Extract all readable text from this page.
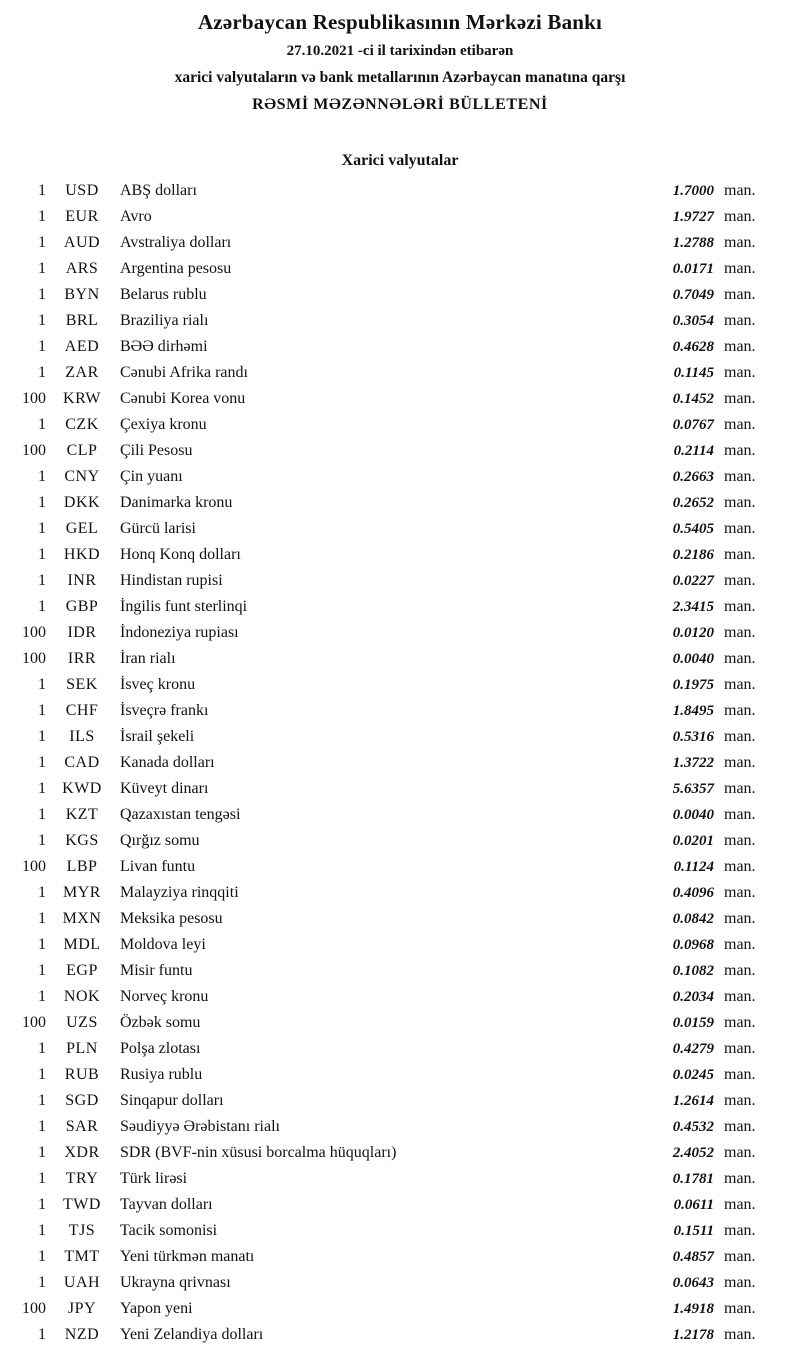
Azərbaycan Respublikasının Mərkəzi Bankı
27.10.2021 -ci il tarixindən etibarən
xarici valyutaların və bank metallarının Azərbaycan manatına qarşı
RƏSMİ MƏZƏNNƏLƏRİ BÜLLETENİ
Xarici valyutalar
1	USD	ABŞ dolları	1.7000 man.
1	EUR	Avro	1.9727 man.
1	AUD	Avstraliya dolları	1.2788 man.
1	ARS	Argentina pesosu	0.0171 man.
1	BYN	Belarus rublu	0.7049 man.
1	BRL	Braziliya rialı	0.3054 man.
1	AED	BƏƏ dirhəmi	0.4628 man.
1	ZAR	Cənubi Afrika randı	0.1145 man.
100	KRW	Cənubi Korea vonu	0.1452 man.
1	CZK	Çexiya kronu	0.0767 man.
100	CLP	Çili Pesosu	0.2114 man.
1	CNY	Çin yuanı	0.2663 man.
1	DKK	Danimarka kronu	0.2652 man.
1	GEL	Gürcü larisi	0.5405 man.
1	HKD	Honq Konq dolları	0.2186 man.
1	INR	Hindistan rupisi	0.0227 man.
1	GBP	İngilis funt sterlinqi	2.3415 man.
100	IDR	İndoneziya rupiası	0.0120 man.
100	IRR	İran rialı	0.0040 man.
1	SEK	İsveç kronu	0.1975 man.
1	CHF	İsveçrə frankı	1.8495 man.
1	ILS	İsrail şekeli	0.5316 man.
1	CAD	Kanada dolları	1.3722 man.
1	KWD	Küveyt dinarı	5.6357 man.
1	KZT	Qazaxıstan tengəsi	0.0040 man.
1	KGS	Qırğız somu	0.0201 man.
100	LBP	Livan funtu	0.1124 man.
1	MYR	Malayziya rinqqiti	0.4096 man.
1	MXN	Meksika pesosu	0.0842 man.
1	MDL	Moldova leyi	0.0968 man.
1	EGP	Misir funtu	0.1082 man.
1	NOK	Norveç kronu	0.2034 man.
100	UZS	Özbək somu	0.0159 man.
1	PLN	Polşa zlotası	0.4279 man.
1	RUB	Rusiya rublu	0.0245 man.
1	SGD	Sinqapur dolları	1.2614 man.
1	SAR	Səudiyyə Ərəbistanı rialı	0.4532 man.
1	XDR	SDR (BVF-nin xüsusi borcalma hüquqları)	2.4052 man.
1	TRY	Türk lirəsi	0.1781 man.
1	TWD	Tayvan dolları	0.0611 man.
1	TJS	Tacik somonisi	0.1511 man.
1	TMT	Yeni türkmən manatı	0.4857 man.
1	UAH	Ukrayna qrivnası	0.0643 man.
100	JPY	Yapon yeni	1.4918 man.
1	NZD	Yeni Zelandiya dolları	1.2178 man.
